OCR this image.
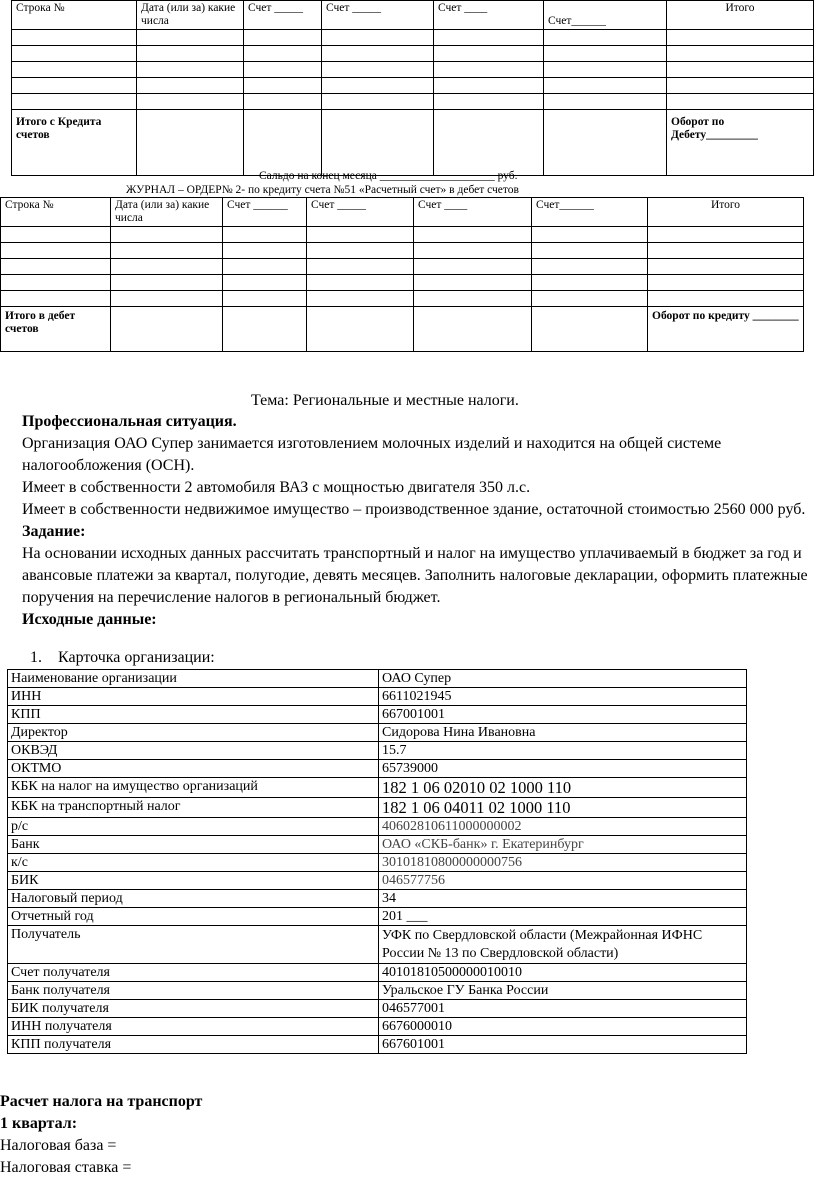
Строка №	Дата (или за) какие числа	Счет _____	Счет _____	Счет ____	Счет______	Итого

Итого с Кредита счетов						Оборот по Дебету_________
Сальдо на конец месяца ____________________ руб.
ЖУРНАЛ – ОРДЕР№ 2- по кредиту счета №51 «Расчетный счет» в дебет счетов
Строка №	Дата (или за) какие числа	Счет ______	Счет _____	Счет ____	Счет______	Итого

Итого в дебет счетов						Оборот по кредиту ________
Тема: Региональные и местные налоги.
Профессиональная ситуация.
Организация ОАО Супер занимается изготовлением молочных изделий и находится на общей системе налогообложения (ОСН).
Имеет в собственности 2 автомобиля ВАЗ с мощностью двигателя 350 л.с.
Имеет в собственности недвижимое имущество – производственное здание, остаточной стоимостью 2560 000 руб.
Задание:
На основании исходных данных рассчитать транспортный и налог на имущество уплачиваемый в бюджет за год и авансовые платежи за квартал, полугодие, девять месяцев. Заполнить налоговые декларации, оформить платежные поручения на перечисление налогов в региональный бюджет.
Исходные данные:
1. Карточка организации:
Наименование организации	ОАО Супер
ИНН	6611021945
КПП	667001001
Директор	Сидорова Нина Ивановна
ОКВЭД	15.7
ОКТМО	65739000
КБК на налог на имущество организаций	182 1 06 02010 02 1000 110
КБК на транспортный налог	182 1 06 04011 02 1000 110
р/с	40602810611000000002
Банк	ОАО «СКБ-банк» г. Екатеринбург
к/с	30101810800000000756
БИК	046577756
Налоговый период	34
Отчетный год	201 ___
Получатель	УФК по Свердловской области (Межрайонная ИФНС России № 13 по Свердловской области)
Счет получателя	40101810500000010010
Банк получателя	Уральское ГУ Банка России
БИК получателя	046577001
ИНН получателя	6676000010
КПП получателя	667601001
Расчет налога на транспорт
1 квартал:
Налоговая база =
Налоговая ставка =
